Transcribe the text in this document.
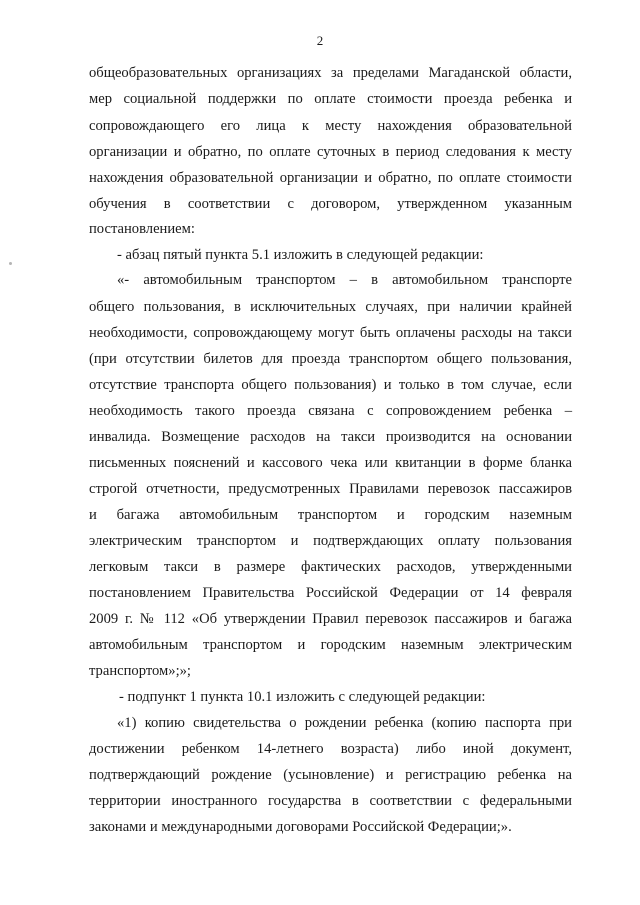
2
общеобразовательных организациях за пределами Магаданской области,
мер социальной поддержки по оплате стоимости проезда ребенка и
сопровождающего его лица к месту нахождения образовательной
организации и обратно, по оплате суточных в период следования к месту
нахождения образовательной организации и обратно, по оплате стоимости
обучения в соответствии с договором, утвержденном указанным
постановлением:
- абзац пятый пункта 5.1 изложить в следующей редакции:
«- автомобильным транспортом – в автомобильном транспорте
общего пользования, в исключительных случаях, при наличии крайней
необходимости, сопровождающему могут быть оплачены расходы на такси
(при отсутствии билетов для проезда транспортом общего пользования,
отсутствие транспорта общего пользования) и только в том случае, если
необходимость такого проезда связана с сопровождением ребенка –
инвалида. Возмещение расходов на такси производится на основании
письменных пояснений и кассового чека или квитанции в форме бланка
строгой отчетности, предусмотренных Правилами перевозок пассажиров
и багажа автомобильным транспортом и городским наземным
электрическим транспортом и подтверждающих оплату пользования
легковым такси в размере фактических расходов, утвержденными
постановлением Правительства Российской Федерации от 14 февраля
2009 г. № 112 «Об утверждении Правил перевозок пассажиров и багажа
автомобильным транспортом и городским наземным электрическим
транспортом»;»;
- подпункт 1 пункта 10.1 изложить с следующей редакции:
«1) копию свидетельства о рождении ребенка (копию паспорта при
достижении ребенком 14-летнего возраста) либо иной документ,
подтверждающий рождение (усыновление) и регистрацию ребенка на
территории иностранного государства в соответствии с федеральными
законами и международными договорами Российской Федерации;».
